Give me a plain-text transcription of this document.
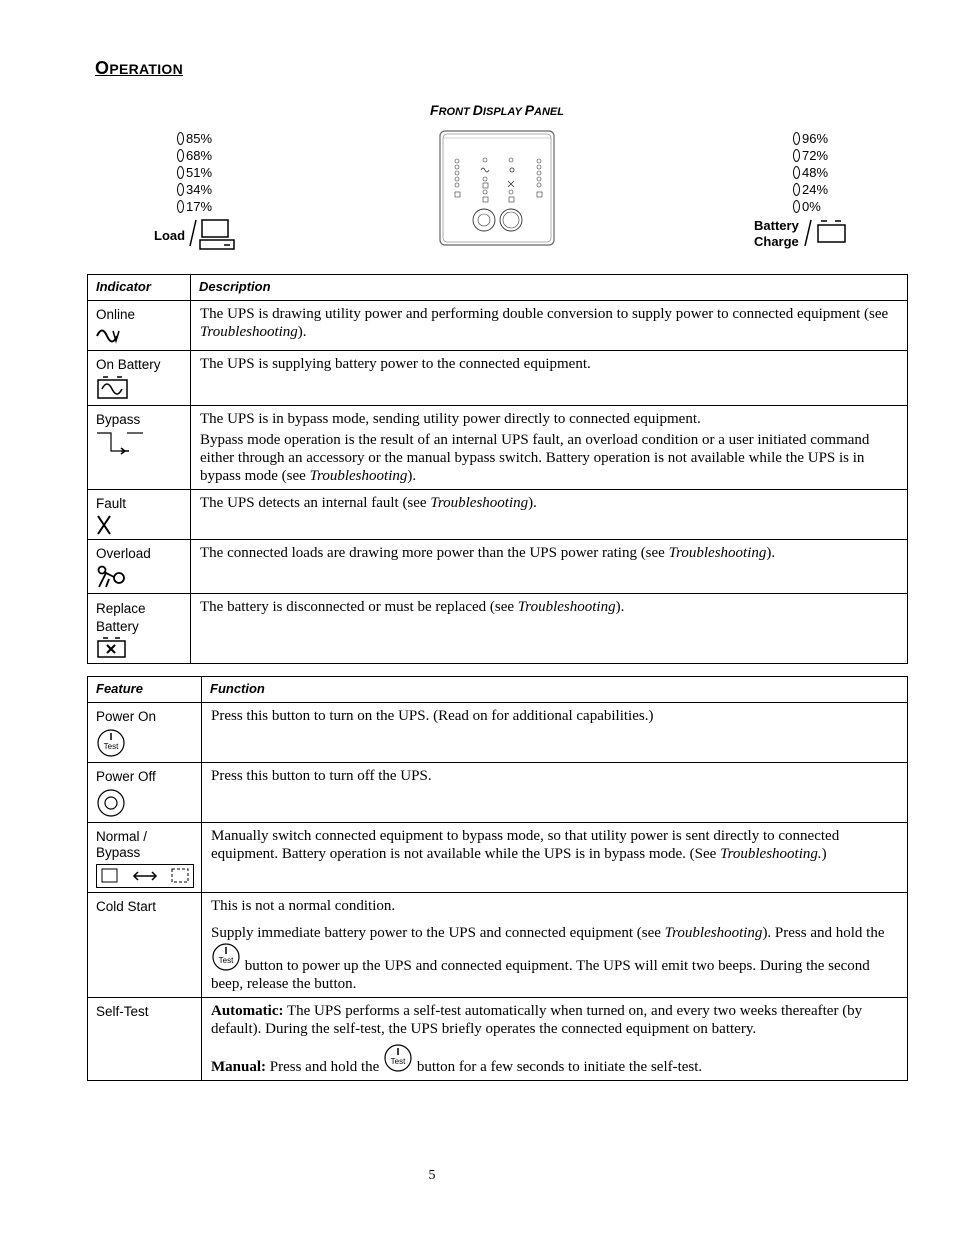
OPERATION
FRONT DISPLAY PANEL
85%
68%
51%
34%
17%
Load
96%
72%
48%
24%
0%
Battery
Charge
Indicator	Description
Online	The UPS is drawing utility power and performing double conversion to supply power to connected equipment (see Troubleshooting).
On Battery	The UPS is supplying battery power to the connected equipment.
Bypass	The UPS is in bypass mode, sending utility power directly to connected equipment.

Bypass mode operation is the result of an internal UPS fault, an overload condition or a user initiated command either through an accessory or the manual bypass switch. Battery operation is not available while the UPS is in bypass mode (see Troubleshooting).

Fault	The UPS detects an internal fault (see Troubleshooting).
Overload	The connected loads are drawing more power than the UPS power rating (see Troubleshooting).

Replace
Battery	The battery is disconnected or must be replaced (see Troubleshooting).
Feature	Function
Power On
Test	Press this button to turn on the UPS. (Read on for additional capabilities.)
Power Off	Press this button to turn off the UPS.

Normal /
Bypass	Manually switch connected equipment to bypass mode, so that utility power is sent directly to connected equipment. Battery operation is not available while the UPS is in bypass mode. (See Troubleshooting.)
Cold Start	This is not a normal condition.

Supply immediate battery power to the UPS and connected equipment (see Troubleshooting). Press and hold the
Test button to power up the UPS and connected equipment. The UPS will emit two beeps. During the second beep, release the button.

Self-Test	Automatic: The UPS performs a self-test automatically when turned on, and every two weeks thereafter (by default). During the self-test, the UPS briefly operates the connected equipment on battery.

Manual: Press and hold the Test button for a few seconds to initiate the self-test.

5
